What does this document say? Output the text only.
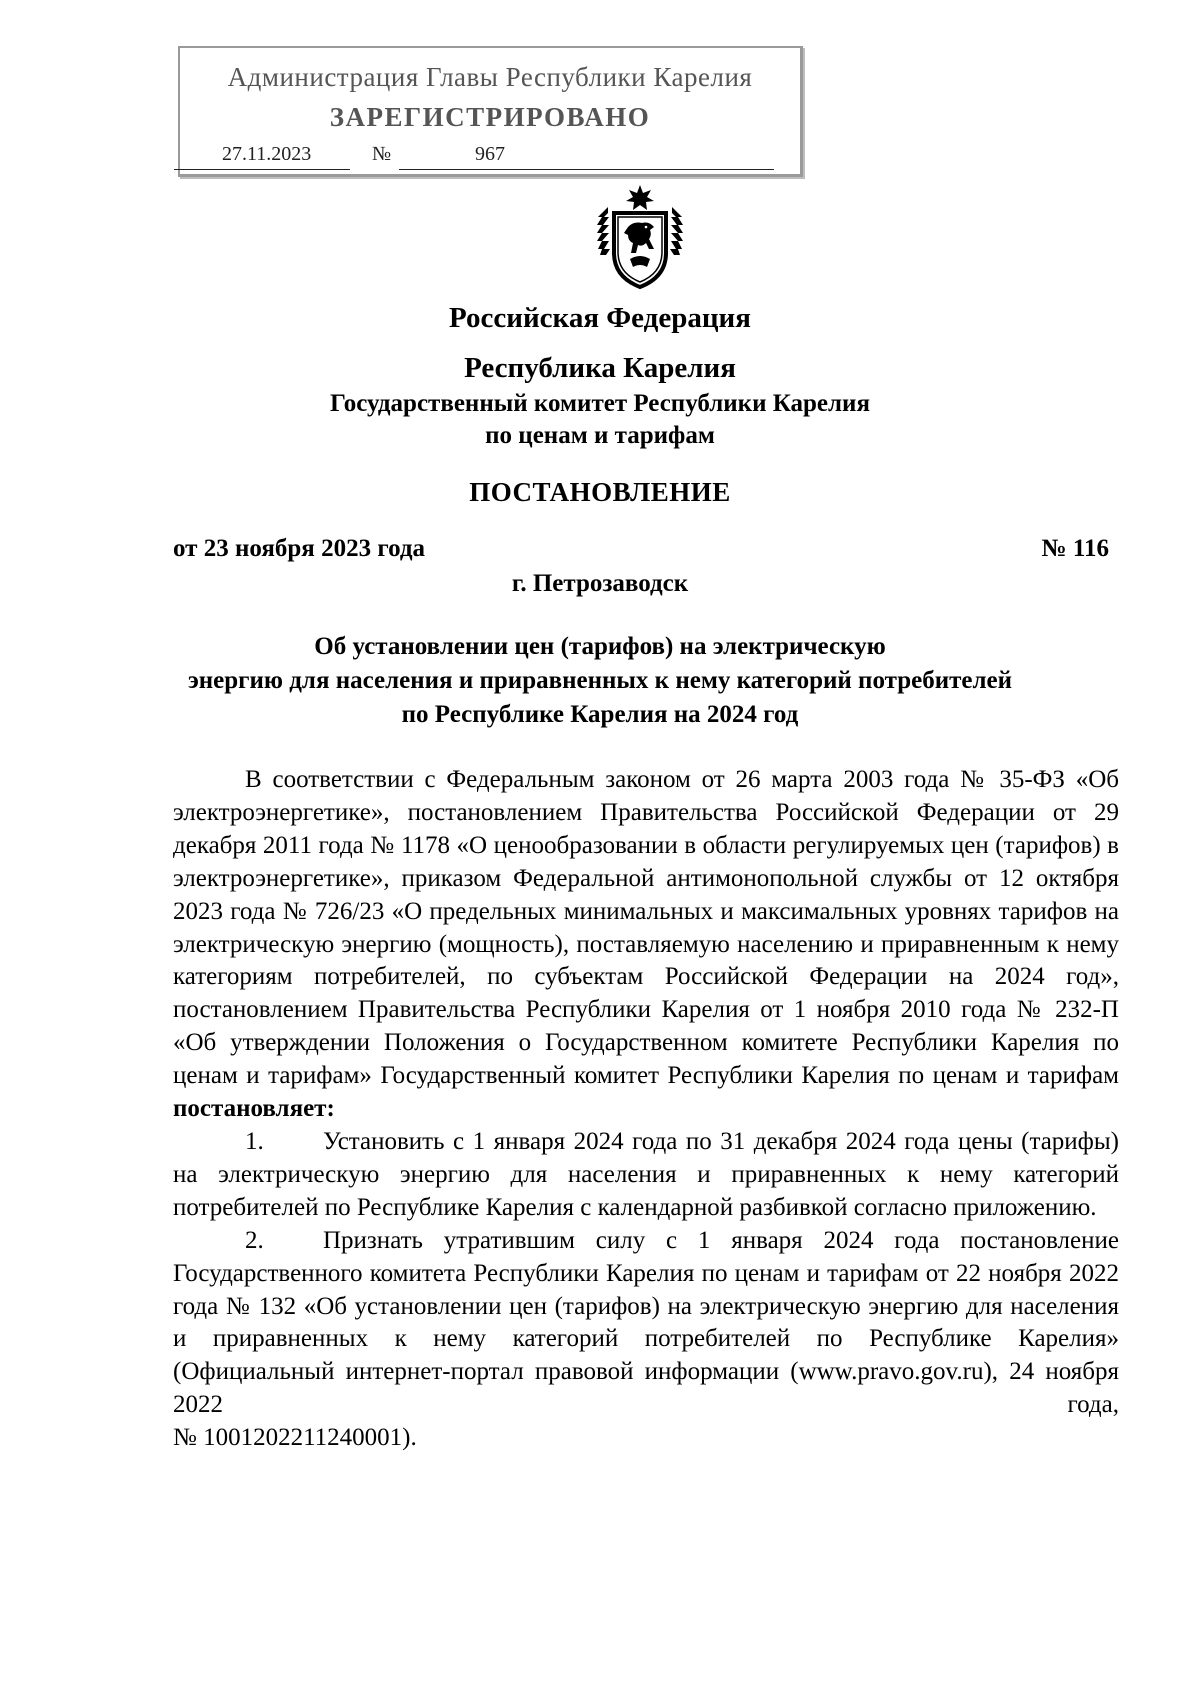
Администрация Главы Республики Карелия
ЗАРЕГИСТРИРОВАНО
27.11.2023	№	967
Российская Федерация
Республика Карелия
Государственный комитет Республики Карелия
по ценам и тарифам
ПОСТАНОВЛЕНИЕ
от 23 ноября 2023 года	№ 116
г. Петрозаводск
Об установлении цен (тарифов) на электрическую
энергию для населения и приравненных к нему категорий потребителей
по Республике Карелия на 2024 год

В соответствии с Федеральным законом от 26 марта 2003 года № 35-ФЗ «Об электроэнергетике», постановлением Правительства Российской Федерации от 29 декабря 2011 года № 1178 «О ценообразовании в области регулируемых цен (тарифов) в электроэнергетике», приказом Федеральной антимонопольной службы от 12 октября 2023 года № 726/23 «О предельных минимальных и максимальных уровнях тарифов на электрическую энергию (мощность), поставляемую населению и приравненным к нему категориям потребителей, по субъектам Российской Федерации на 2024 год», постановлением Правительства Республики Карелия от 1 ноября 2010 года № 232-П «Об утверждении Положения о Государственном комитете Республики Карелия по ценам и тарифам» Государственный комитет Республики Карелия по ценам и тарифам постановляет:

1. Установить с 1 января 2024 года по 31 декабря 2024 года цены (тарифы) на электрическую энергию для населения и приравненных к нему категорий потребителей по Республике Карелия с календарной разбивкой согласно приложению.

2. Признать утратившим силу с 1 января 2024 года постановление Государственного комитета Республики Карелия по ценам и тарифам от 22 ноября 2022 года № 132 «Об установлении цен (тарифов) на электрическую энергию для населения и приравненных к нему категорий потребителей по Республике Карелия» (Официальный интернет-портал правовой информации (www.pravo.gov.ru), 24 ноября 2022 года,

№ 1001202211240001).
